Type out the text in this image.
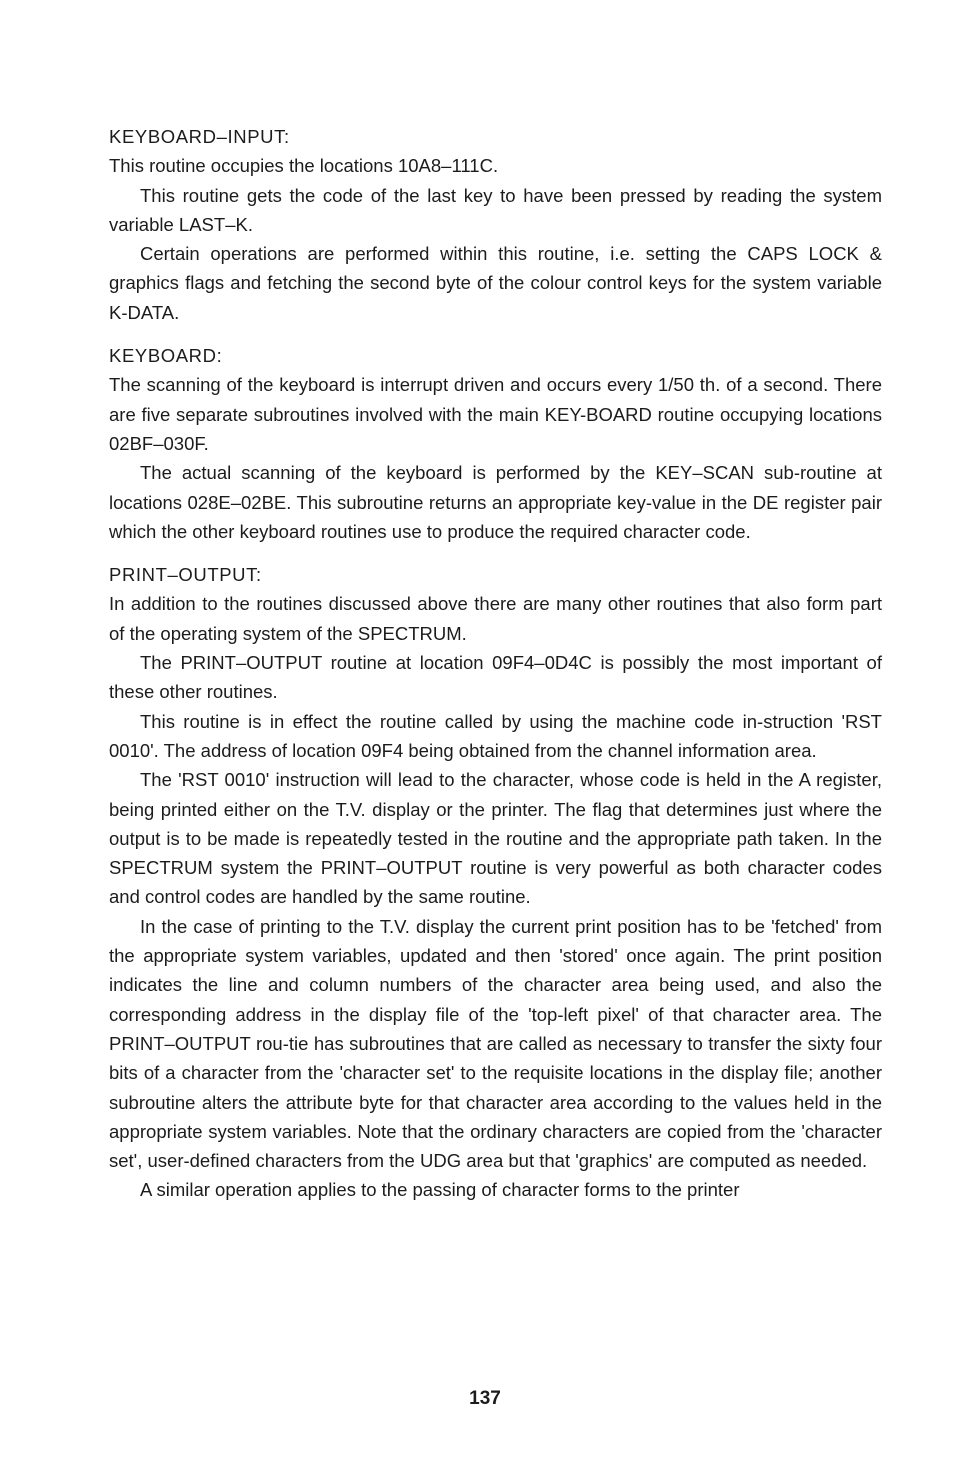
KEYBOARD–INPUT:

This routine occupies the locations 10A8–111C.

This routine gets the code of the last key to have been pressed by reading the system variable LAST–K.

Certain operations are performed within this routine, i.e. setting the CAPS LOCK & graphics flags and fetching the second byte of the colour control keys for the system variable K-DATA.

KEYBOARD:

The scanning of the keyboard is interrupt driven and occurs every 1/50 th. of a second. There are five separate subroutines involved with the main KEY-BOARD routine occupying locations 02BF–030F.

The actual scanning of the keyboard is performed by the KEY–SCAN sub-routine at locations 028E–02BE. This subroutine returns an appropriate key-value in the DE register pair which the other keyboard routines use to produce the required character code.

PRINT–OUTPUT:

In addition to the routines discussed above there are many other routines that also form part of the operating system of the SPECTRUM.

The PRINT–OUTPUT routine at location 09F4–0D4C is possibly the most important of these other routines.

This routine is in effect the routine called by using the machine code in-struction 'RST 0010'. The address of location 09F4 being obtained from the channel information area.

The 'RST 0010' instruction will lead to the character, whose code is held in the A register, being printed either on the T.V. display or the printer. The flag that determines just where the output is to be made is repeatedly tested in the routine and the appropriate path taken. In the SPECTRUM system the PRINT–OUTPUT routine is very powerful as both character codes and control codes are handled by the same routine.

In the case of printing to the T.V. display the current print position has to be 'fetched' from the appropriate system variables, updated and then 'stored' once again. The print position indicates the line and column numbers of the character area being used, and also the corresponding address in the display file of the 'top-left pixel' of that character area. The PRINT–OUTPUT rou-tie has subroutines that are called as necessary to transfer the sixty four bits of a character from the 'character set' to the requisite locations in the display file; another subroutine alters the attribute byte for that character area according to the values held in the appropriate system variables. Note that the ordinary characters are copied from the 'character set', user-defined characters from the UDG area but that 'graphics' are computed as needed.

A similar operation applies to the passing of character forms to the printer

137
